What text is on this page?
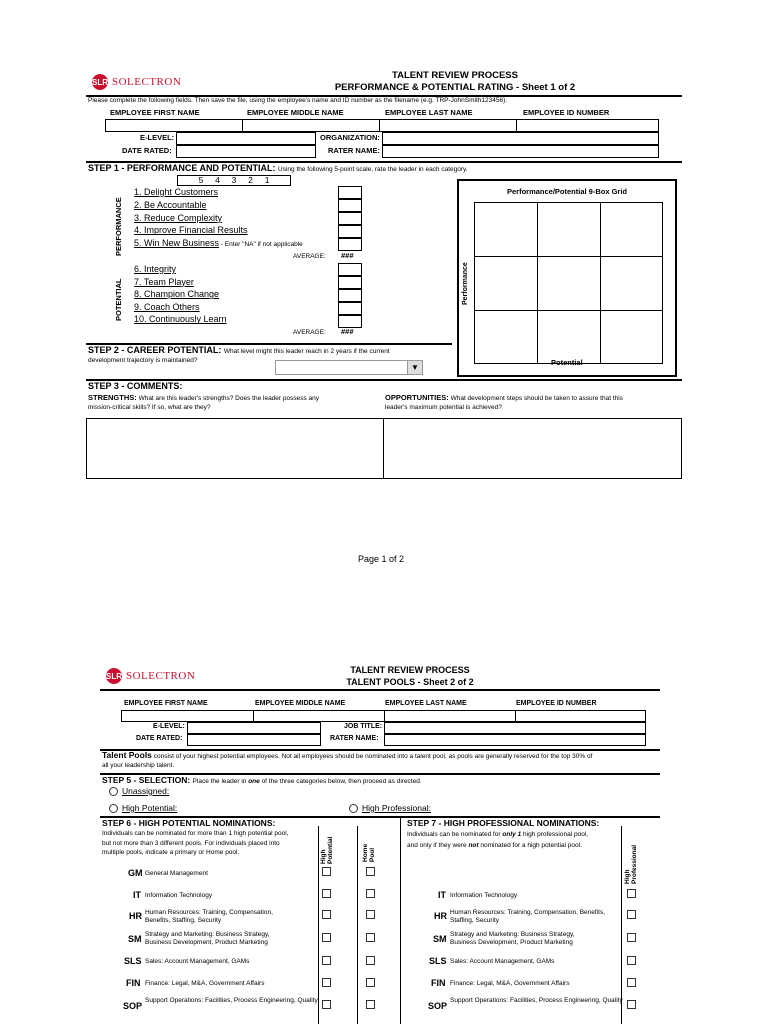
SLR SOLECTRON
TALENT REVIEW PROCESS
PERFORMANCE & POTENTIAL RATING - Sheet 1 of 2
Please complete the following fields. Then save the file, using the employee's name and ID number as the filename (e.g. TRP-JohnSmith123456).
EMPLOYEE FIRST NAME	EMPLOYEE MIDDLE NAME	EMPLOYEE LAST NAME	EMPLOYEE ID NUMBER
E-LEVEL:	ORGANIZATION:
DATE RATED:	RATER NAME:
STEP 1 - PERFORMANCE AND POTENTIAL: Using the following 5-point scale, rate the leader in each category.
5     4     3     2     1
PERFORMANCE
1. Delight Customers
2. Be Accountable
3. Reduce Complexity
4. Improve Financial Results
5. Win New Business - Enter "NA" if not applicable
AVERAGE: ###
POTENTIAL
6. Integrity
7. Team Player
8. Champion Change
9. Coach Others
10. Continuously Learn
AVERAGE: ###
Performance/Potential 9-Box Grid
Performance
Potential
STEP 2 - CAREER POTENTIAL: What level might this leader reach in 2 years if the current
development trajectory is maintained?
▼
STEP 3 - COMMENTS:
STRENGTHS: What are this leader's strengths? Does the leader possess any
mission-critical skills? If so, what are they?
OPPORTUNITIES: What development steps should be taken to assure that this
leader's maximum potential is achieved?
Page 1 of 2
SLR SOLECTRON	TALENT REVIEW PROCESS
TALENT POOLS - Sheet 2 of 2
EMPLOYEE FIRST NAME	EMPLOYEE MIDDLE NAME	EMPLOYEE LAST NAME	EMPLOYEE ID NUMBER
E-LEVEL:	JOB TITLE:
DATE RATED:	RATER NAME:
Talent Pools consist of your highest potential employees. Not all employees should be nominated into a talent pool, as pools are generally reserved for the top 30% of
all your leadership talent.
STEP 5 - SELECTION: Place the leader in one of the three categories below, then proceed as directed.
Unassigned:
High Potential:	High Professional:
STEP 6 - HIGH POTENTIAL NOMINATIONS:
Individuals can be nominated for more than 1 high potential pool,
but not more than 3 different pools. For individuals placed into
multiple pools, indicate a primary or Home pool.	High Potential	Home Pool
GM General Management
IT Information Technology
HR Human Resources: Training, Compensation, Benefits, Staffing, Security
SM Strategy and Marketing: Business Strategy, Business Development, Product Marketing
SLS Sales: Account Management, GAMs
FIN Finance: Legal, M&A, Government Affairs
SOP
Support Operations: Facilities, Process Engineering, Quality
STEP 7 - HIGH PROFESSIONAL NOMINATIONS:
Individuals can be nominated for only 1 high professional pool,
and only if they were not nominated for a high potential pool.
High Professional
IT Information Technology
HR Human Resources: Training, Compensation, Benefits, Staffing, Security
SM Strategy and Marketing: Business Strategy, Business Development, Product Marketing
SLS Sales: Account Management, GAMs
FIN Finance: Legal, M&A, Government Affairs
SOP
Support Operations: Facilities, Process Engineering, Quality
